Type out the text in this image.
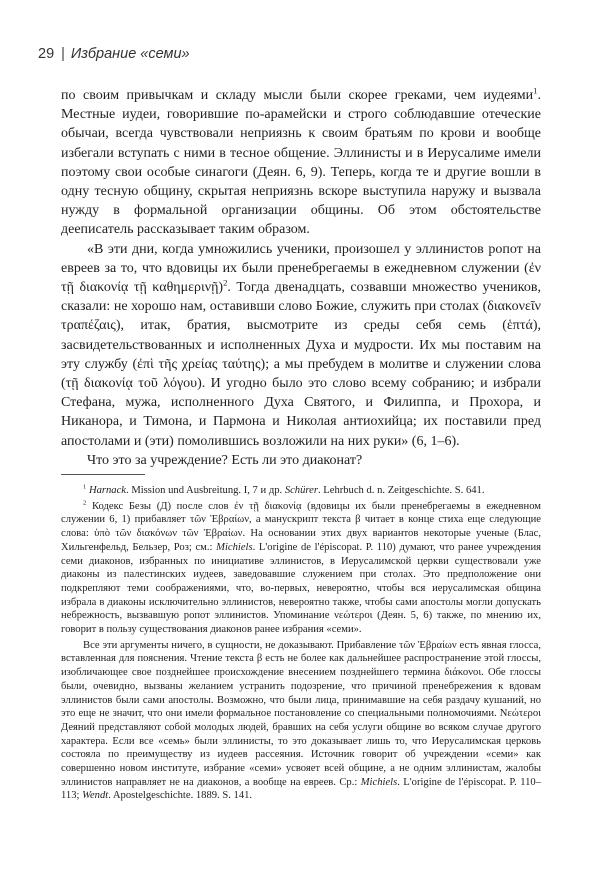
29 | Избрание «семи»

по своим привычкам и складу мысли были скорее греками, чем иудеями$^1$. Местные иудеи, говорившие по-арамейски и строго соблюдавшие отеческие обычаи, всегда чувствовали неприязнь к своим братьям по крови и вообще избегали вступать с ними в тесное общение. Эллинисты и в Иерусалиме имели поэтому свои особые синагоги (Деян. 6, 9). Теперь, когда те и другие вошли в одну тесную общину, скрытая неприязнь вскоре выступила наружу и вызвала нужду в формальной организации общины. Об этом обстоятельстве дееписатель рассказывает таким образом.

«В эти дни, когда умножились ученики, произошел у эллинистов ропот на евреев за то, что вдовицы их были пренебрегаемы в ежедневном служении (ἐν τῇ διακονίᾳ τῇ καθημερινῇ)$^2$. Тогда двенадцать, созвавши множество учеников, сказали: не хорошо нам, оставивши слово Божие, служить при столах (διακονεῖν τραπέζαις), итак, братия, высмотрите из среды себя семь (ἑπτά), засвидетельствованных и исполненных Духа и мудрости. Их мы поставим на эту службу (ἐπὶ τῆς χρείας ταύτης); а мы пребудем в молитве и служении слова (τῇ διακονίᾳ τοῦ λόγου). И угодно было это слово всему собранию; и избрали Стефана, мужа, исполненного Духа Святого, и Филиппа, и Прохора, и Никанора, и Тимона, и Пармона и Николая антиохийца; их поставили пред апостолами и (эти) помолившись возложили на них руки» (6, 1–6).

Что это за учреждение? Есть ли это диаконат?

$^1$ Harnack. Mission und Ausbreitung. I, 7 и др. Schürer. Lehrbuch d. n. Zeitgeschichte. S. 641.

$^2$ Кодекс Безы (Д) после слов ἐν τῇ διακονίᾳ (вдовицы их были пренебрегаемы в ежедневном служении 6, 1) прибавляет τῶν Ἑβραίων, а манускрипт текста β читает в конце стиха еще следующие слова: ὑπὸ τῶν διακόνων τῶν Ἑβραίων. На основании этих двух вариантов некоторые ученые (Блас, Хильгенфельд, Бельзер, Роз; см.: Michiels. L'origine de l'épiscopat. P. 110) думают, что ранее учреждения семи диаконов, избранных по инициативе эллинистов, в Иерусалимской церкви существовали уже диаконы из палестинских иудеев, заведовавшие служением при столах. Это предположение они подкрепляют теми соображениями, что, во-первых, невероятно, чтобы вся иерусалимская община избрала в диаконы исключительно эллинистов, невероятно также, чтобы сами апостолы могли допускать небрежность, вызвавшую ропот эллинистов. Упоминание νεώτεροι (Деян. 5, 6) также, по мнению их, говорит в пользу существования диаконов ранее избрания «семи».

Все эти аргументы ничего, в сущности, не доказывают. Прибавление τῶν Ἑβραίων есть явная глосса, вставленная для пояснения. Чтение текста β есть не более как дальнейшее распространение этой глоссы, изобличающее свое позднейшее происхождение внесением позднейшего термина διάκονοι. Обе глоссы были, очевидно, вызваны желанием устранить подозрение, что причиной пренебрежения к вдовам эллинистов были сами апостолы. Возможно, что были лица, принимавшие на себя раздачу кушаний, но это еще не значит, что они имели формальное постановление со специальными полномочиями. Νεώτεροι Деяний представляют собой молодых людей, бравших на себя услуги общине во всяком случае другого характера. Если все «семь» были эллинисты, то это доказывает лишь то, что Иерусалимская церковь состояла по преимуществу из иудеев рассеяния. Источник говорит об учреждении «семи» как совершенно новом институте, избрание «семи» усвояет всей общине, а не одним эллинистам, жалобы эллинистов направляет не на диаконов, а вообще на евреев. Ср.: Michiels. L'origine de l'épiscopat. P. 110–113; Wendt. Apostelgeschichte. 1889. S. 141.
